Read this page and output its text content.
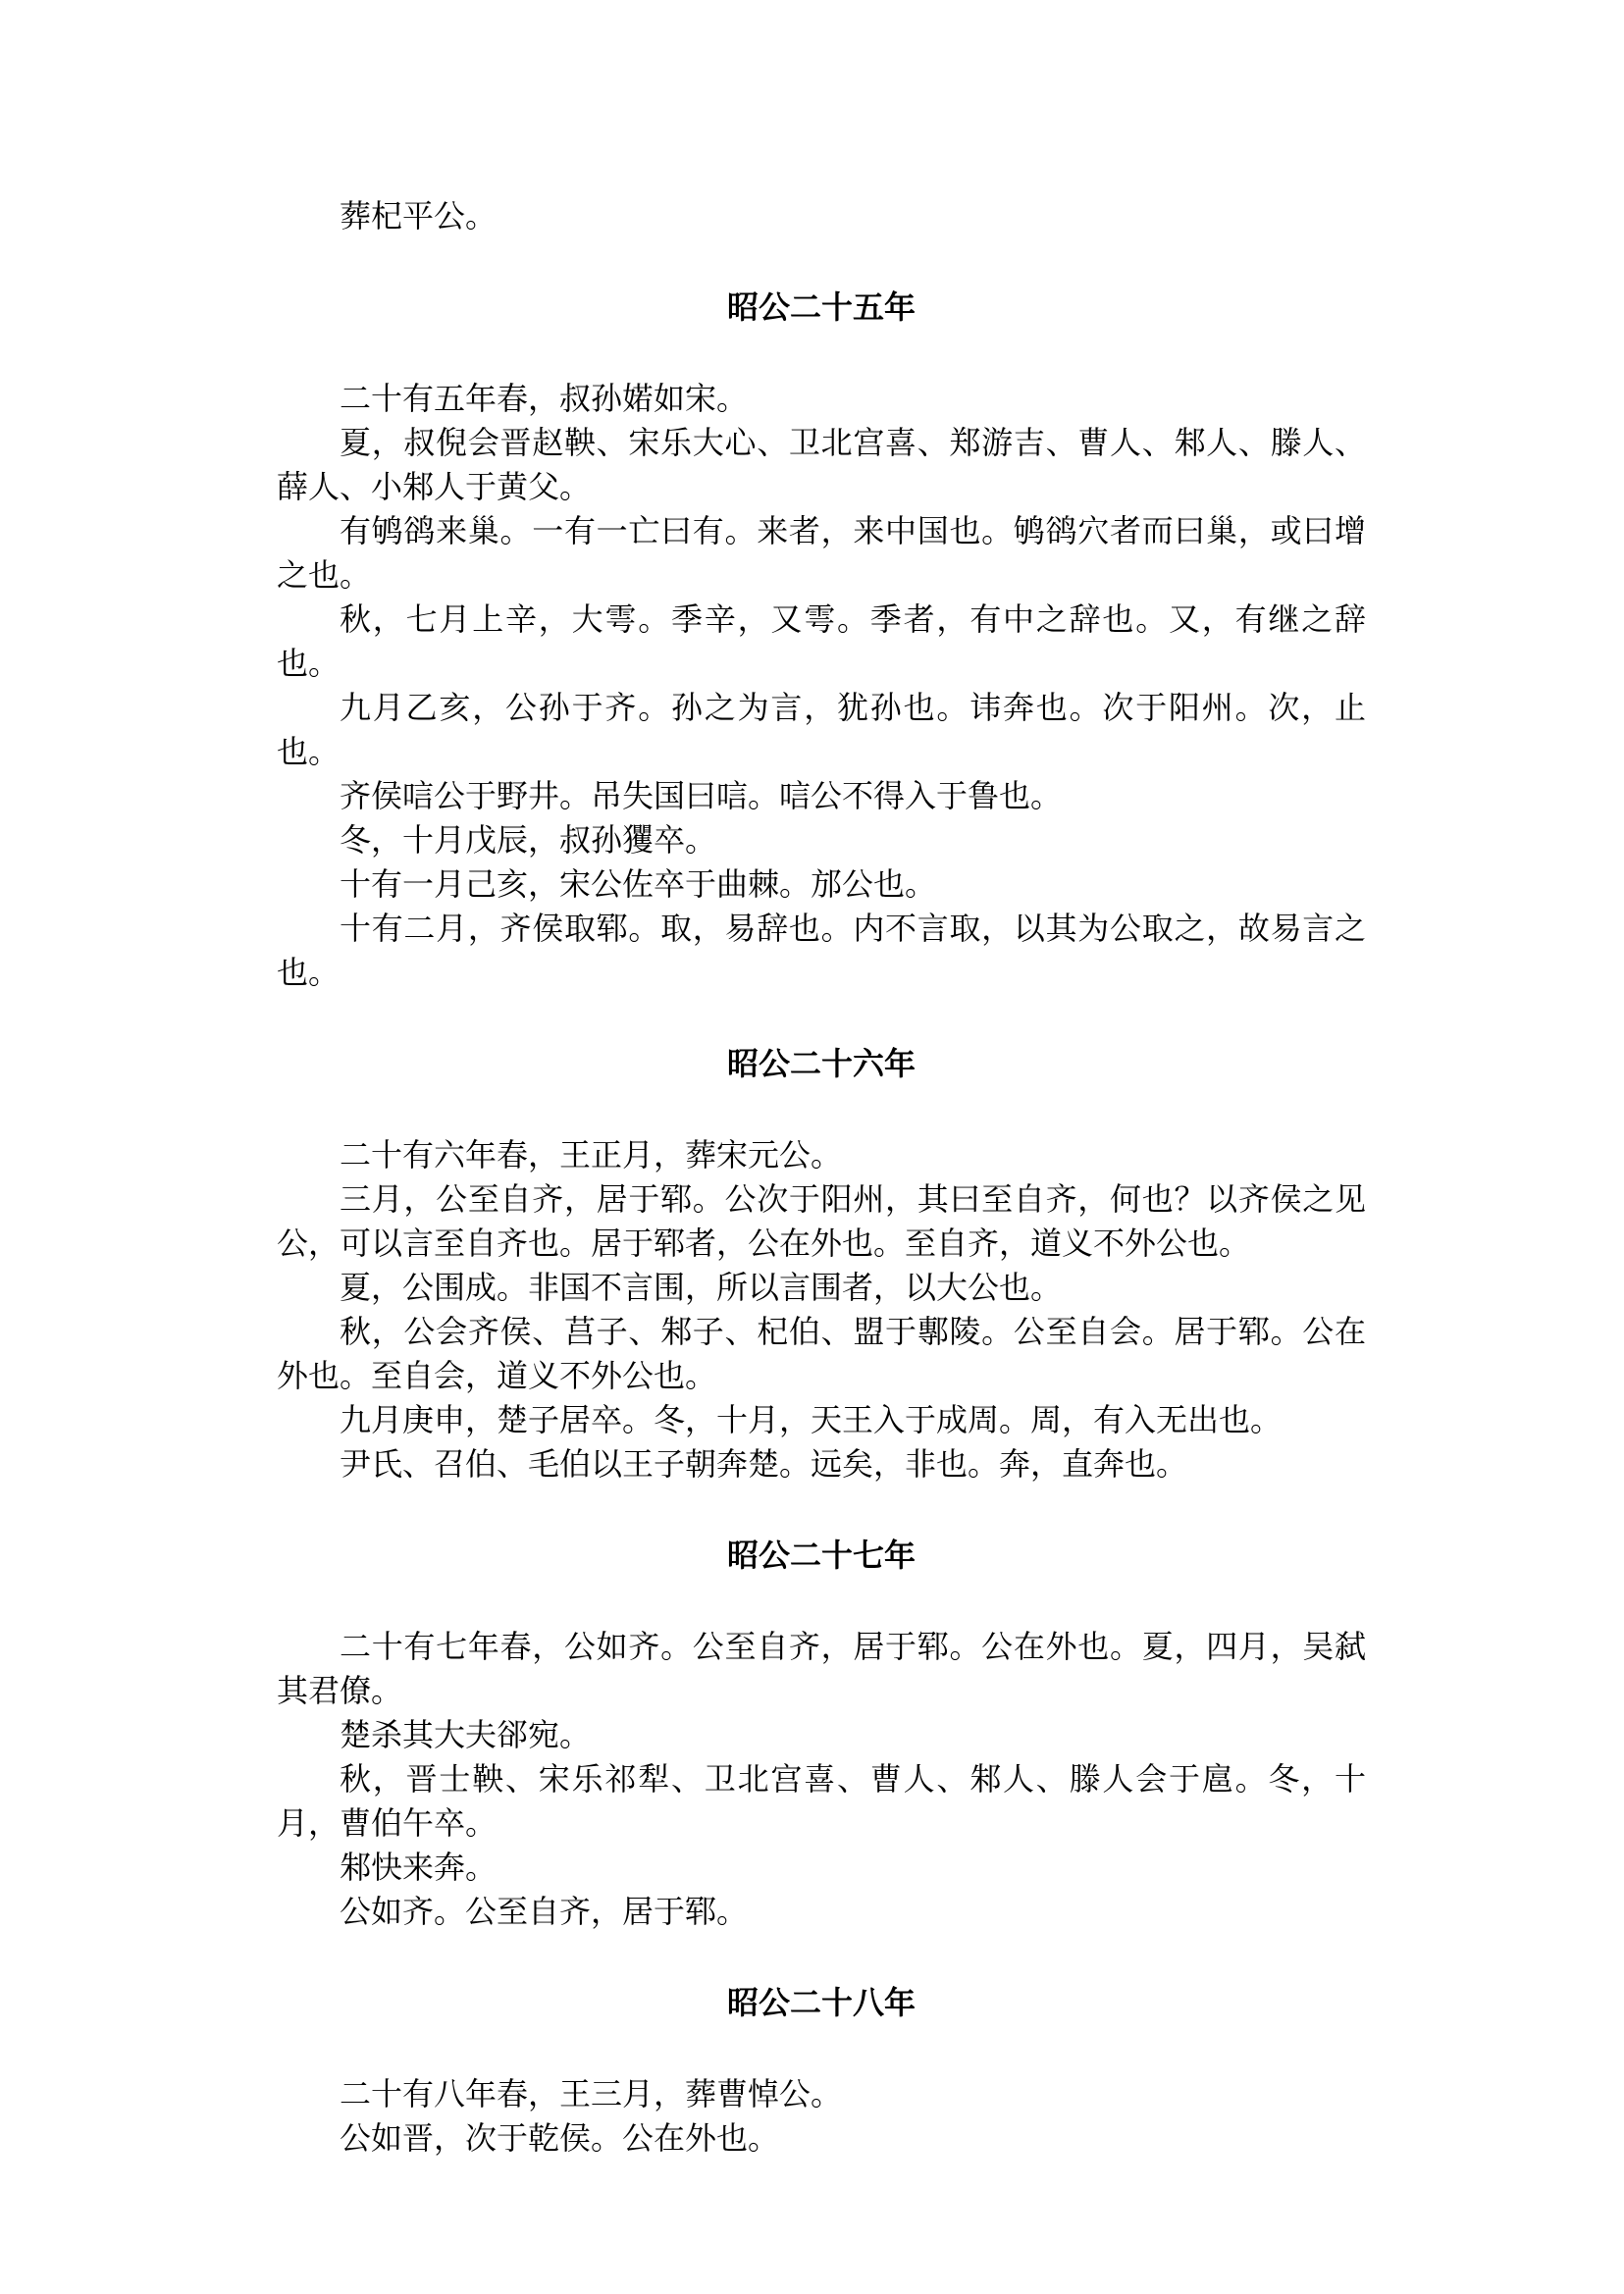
葬杞平公。

昭公二十五年

二十有五年春，叔孙婼如宋。

夏，叔倪会晋赵鞅、宋乐大心、卫北宫喜、郑游吉、曹人、邾人、滕人、薛人、小邾人于黄父。

有鸲鹆来巢。一有一亡曰有。来者，来中国也。鸲鹆穴者而曰巢，或曰增之也。

秋，七月上辛，大雩。季辛，又雩。季者，有中之辞也。又，有继之辞也。

九月乙亥，公孙于齐。孙之为言，犹孙也。讳奔也。次于阳州。次，止也。

齐侯唁公于野井。吊失国曰唁。唁公不得入于鲁也。

冬，十月戊辰，叔孙玃卒。

十有一月己亥，宋公佐卒于曲棘。邡公也。

十有二月，齐侯取郓。取，易辞也。内不言取，以其为公取之，故易言之也。

昭公二十六年

二十有六年春，王正月，葬宋元公。

三月，公至自齐，居于郓。公次于阳州，其曰至自齐，何也？以齐侯之见公，可以言至自齐也。居于郓者，公在外也。至自齐，道义不外公也。

夏，公围成。非国不言围，所以言围者，以大公也。

秋，公会齐侯、莒子、邾子、杞伯、盟于鄟陵。公至自会。居于郓。公在外也。至自会，道义不外公也。

九月庚申，楚子居卒。冬，十月，天王入于成周。周，有入无出也。

尹氏、召伯、毛伯以王子朝奔楚。远矣，非也。奔，直奔也。

昭公二十七年

二十有七年春，公如齐。公至自齐，居于郓。公在外也。夏，四月，吴弑其君僚。

楚杀其大夫郤宛。

秋，晋士鞅、宋乐祁犁、卫北宫喜、曹人、邾人、滕人会于扈。冬，十月，曹伯午卒。

邾快来奔。

公如齐。公至自齐，居于郓。

昭公二十八年

二十有八年春，王三月，葬曹悼公。

公如晋，次于乾侯。公在外也。
